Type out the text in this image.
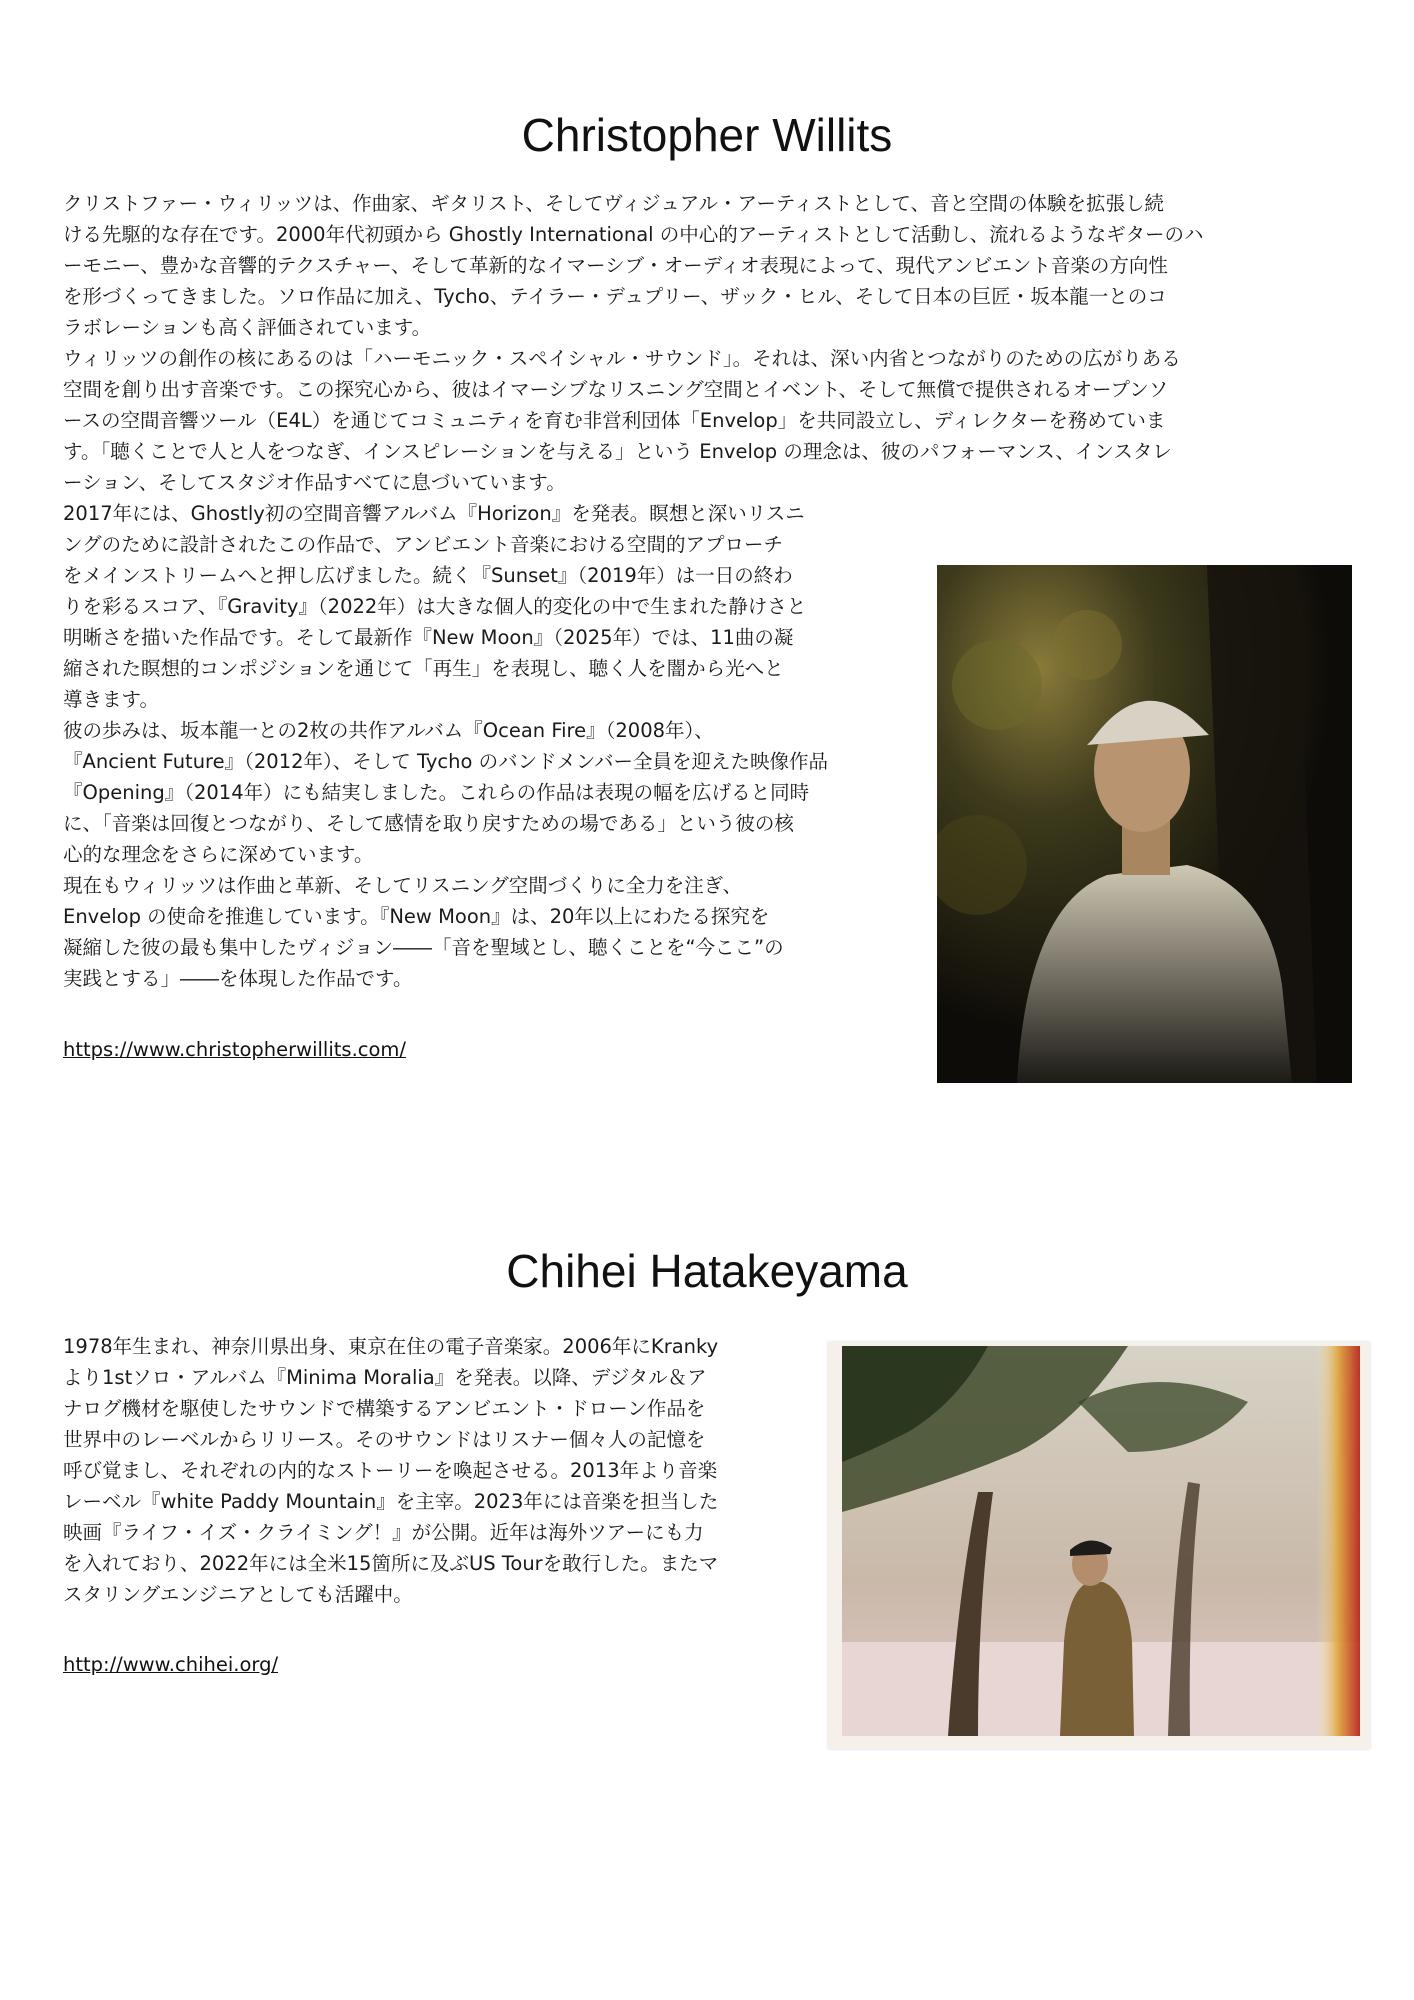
Christopher Willits

クリストファー・ウィリッツは、作曲家、ギタリスト、そしてヴィジュアル・アーティストとして、音と空間の体験を拡張し続
ける先駆的な存在です。2000年代初頭から Ghostly International の中心的アーティストとして活動し、流れるようなギターのハ
ーモニー、豊かな音響的テクスチャー、そして革新的なイマーシブ・オーディオ表現によって、現代アンビエント音楽の方向性
を形づくってきました。ソロ作品に加え、Tycho、テイラー・デュプリー、ザック・ヒル、そして日本の巨匠・坂本龍一とのコ
ラボレーションも高く評価されています。
ウィリッツの創作の核にあるのは「ハーモニック・スペイシャル・サウンド」。それは、深い内省とつながりのための広がりある
空間を創り出す音楽です。この探究心から、彼はイマーシブなリスニング空間とイベント、そして無償で提供されるオープンソ
ースの空間音響ツール（E4L）を通じてコミュニティを育む非営利団体「Envelop」を共同設立し、ディレクターを務めていま
す。「聴くことで人と人をつなぎ、インスピレーションを与える」という Envelop の理念は、彼のパフォーマンス、インスタレ
ーション、そしてスタジオ作品すべてに息づいています。

2017年には、Ghostly初の空間音響アルバム『Horizon』を発表。瞑想と深いリスニ
ングのために設計されたこの作品で、アンビエント音楽における空間的アプローチ
をメインストリームへと押し広げました。続く『Sunset』（2019年）は一日の終わ
りを彩るスコア、『Gravity』（2022年）は大きな個人的変化の中で生まれた静けさと
明晰さを描いた作品です。そして最新作『New Moon』（2025年）では、11曲の凝
縮された瞑想的コンポジションを通じて「再生」を表現し、聴く人を闇から光へと
導きます。
彼の歩みは、坂本龍一との2枚の共作アルバム『Ocean Fire』（2008年）、
『Ancient Future』（2012年）、そして Tycho のバンドメンバー全員を迎えた映像作品
『Opening』（2014年）にも結実しました。これらの作品は表現の幅を広げると同時
に、「音楽は回復とつながり、そして感情を取り戻すための場である」という彼の核
心的な理念をさらに深めています。
現在もウィリッツは作曲と革新、そしてリスニング空間づくりに全力を注ぎ、
Envelop の使命を推進しています。『New Moon』は、20年以上にわたる探究を
凝縮した彼の最も集中したヴィジョン――「音を聖域とし、聴くことを“今ここ”の
実践とする」――を体現した作品です。

https://www.christopherwillits.com/
Chihei Hatakeyama

1978年生まれ、神奈川県出身、東京在住の電子音楽家。2006年にKranky
より1stソロ・アルバム『Minima Moralia』を発表。以降、デジタル＆ア
ナログ機材を駆使したサウンドで構築するアンビエント・ドローン作品を
世界中のレーベルからリリース。そのサウンドはリスナー個々人の記憶を
呼び覚まし、それぞれの内的なストーリーを喚起させる。2013年より音楽
レーベル『white Paddy Mountain』を主宰。2023年には音楽を担当した
映画『ライフ・イズ・クライミング！』が公開。近年は海外ツアーにも力
を入れており、2022年には全米15箇所に及ぶUS Tourを敢行した。またマ
スタリングエンジニアとしても活躍中。

http://www.chihei.org/
